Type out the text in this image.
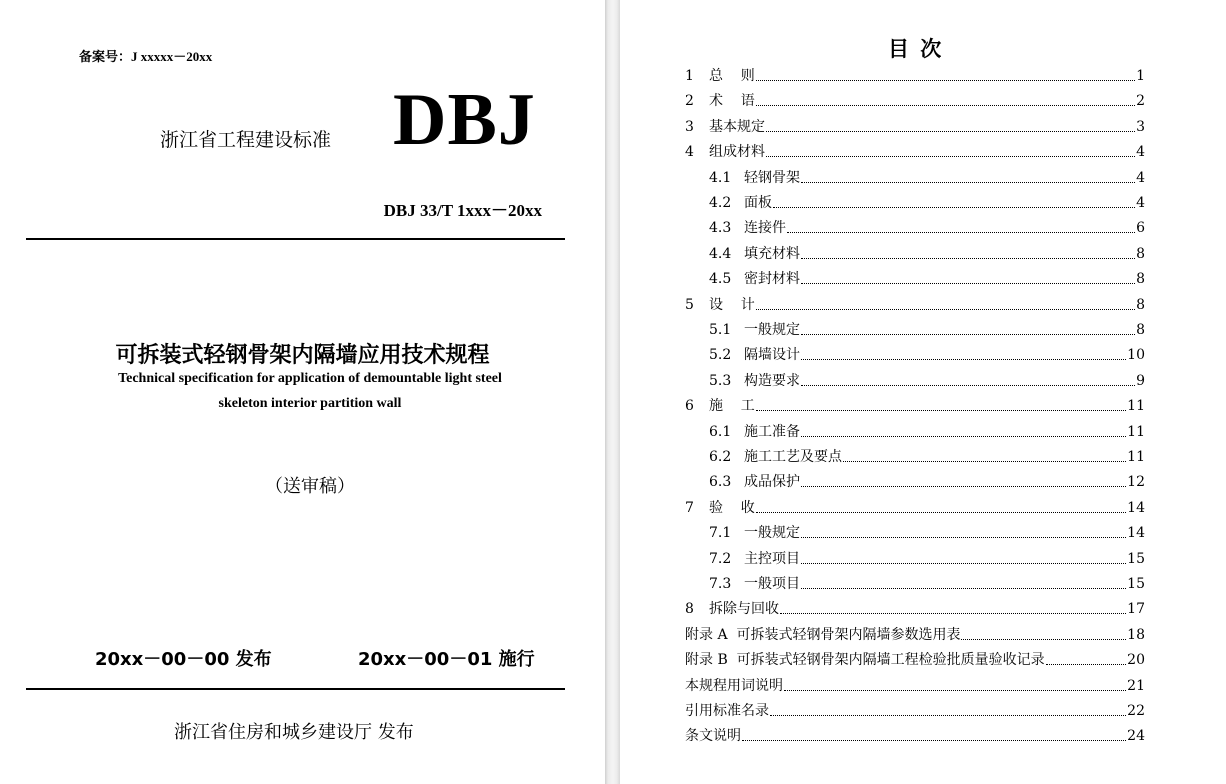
备案号：J xxxxx－20xx
浙江省工程建设标准 DBJ
DBJ 33/T 1xxx－20xx
可拆装式轻钢骨架内隔墙应用技术规程
Technical specification for application of demountable light steel
skeleton interior partition wall
（送审稿）
20xx－00－00 发布	20xx－00－01 施行
浙江省住房和城乡建设厅 发布
目 次
1	总    则	1
2	术    语	2
3	基本规定	3
4	组成材料	4
4.1 轻钢骨架	4
4.2 面板	4
4.3 连接件	6
4.4 填充材料	8
4.5 密封材料	8
5	设    计	8
5.1 一般规定	8
5.2 隔墙设计	10
5.3 构造要求	9
6	施    工	11
6.1 施工准备	11
6.2 施工工艺及要点	11
6.3 成品保护	12
7	验    收	14
7.1 一般规定	14
7.2 主控项目	15
7.3 一般项目	15
8	拆除与回收	17
附录 A  可拆装式轻钢骨架内隔墙参数选用表	18
附录 B  可拆装式轻钢骨架内隔墙工程检验批质量验收记录	20
本规程用词说明	21
引用标准名录	22
条文说明	24
